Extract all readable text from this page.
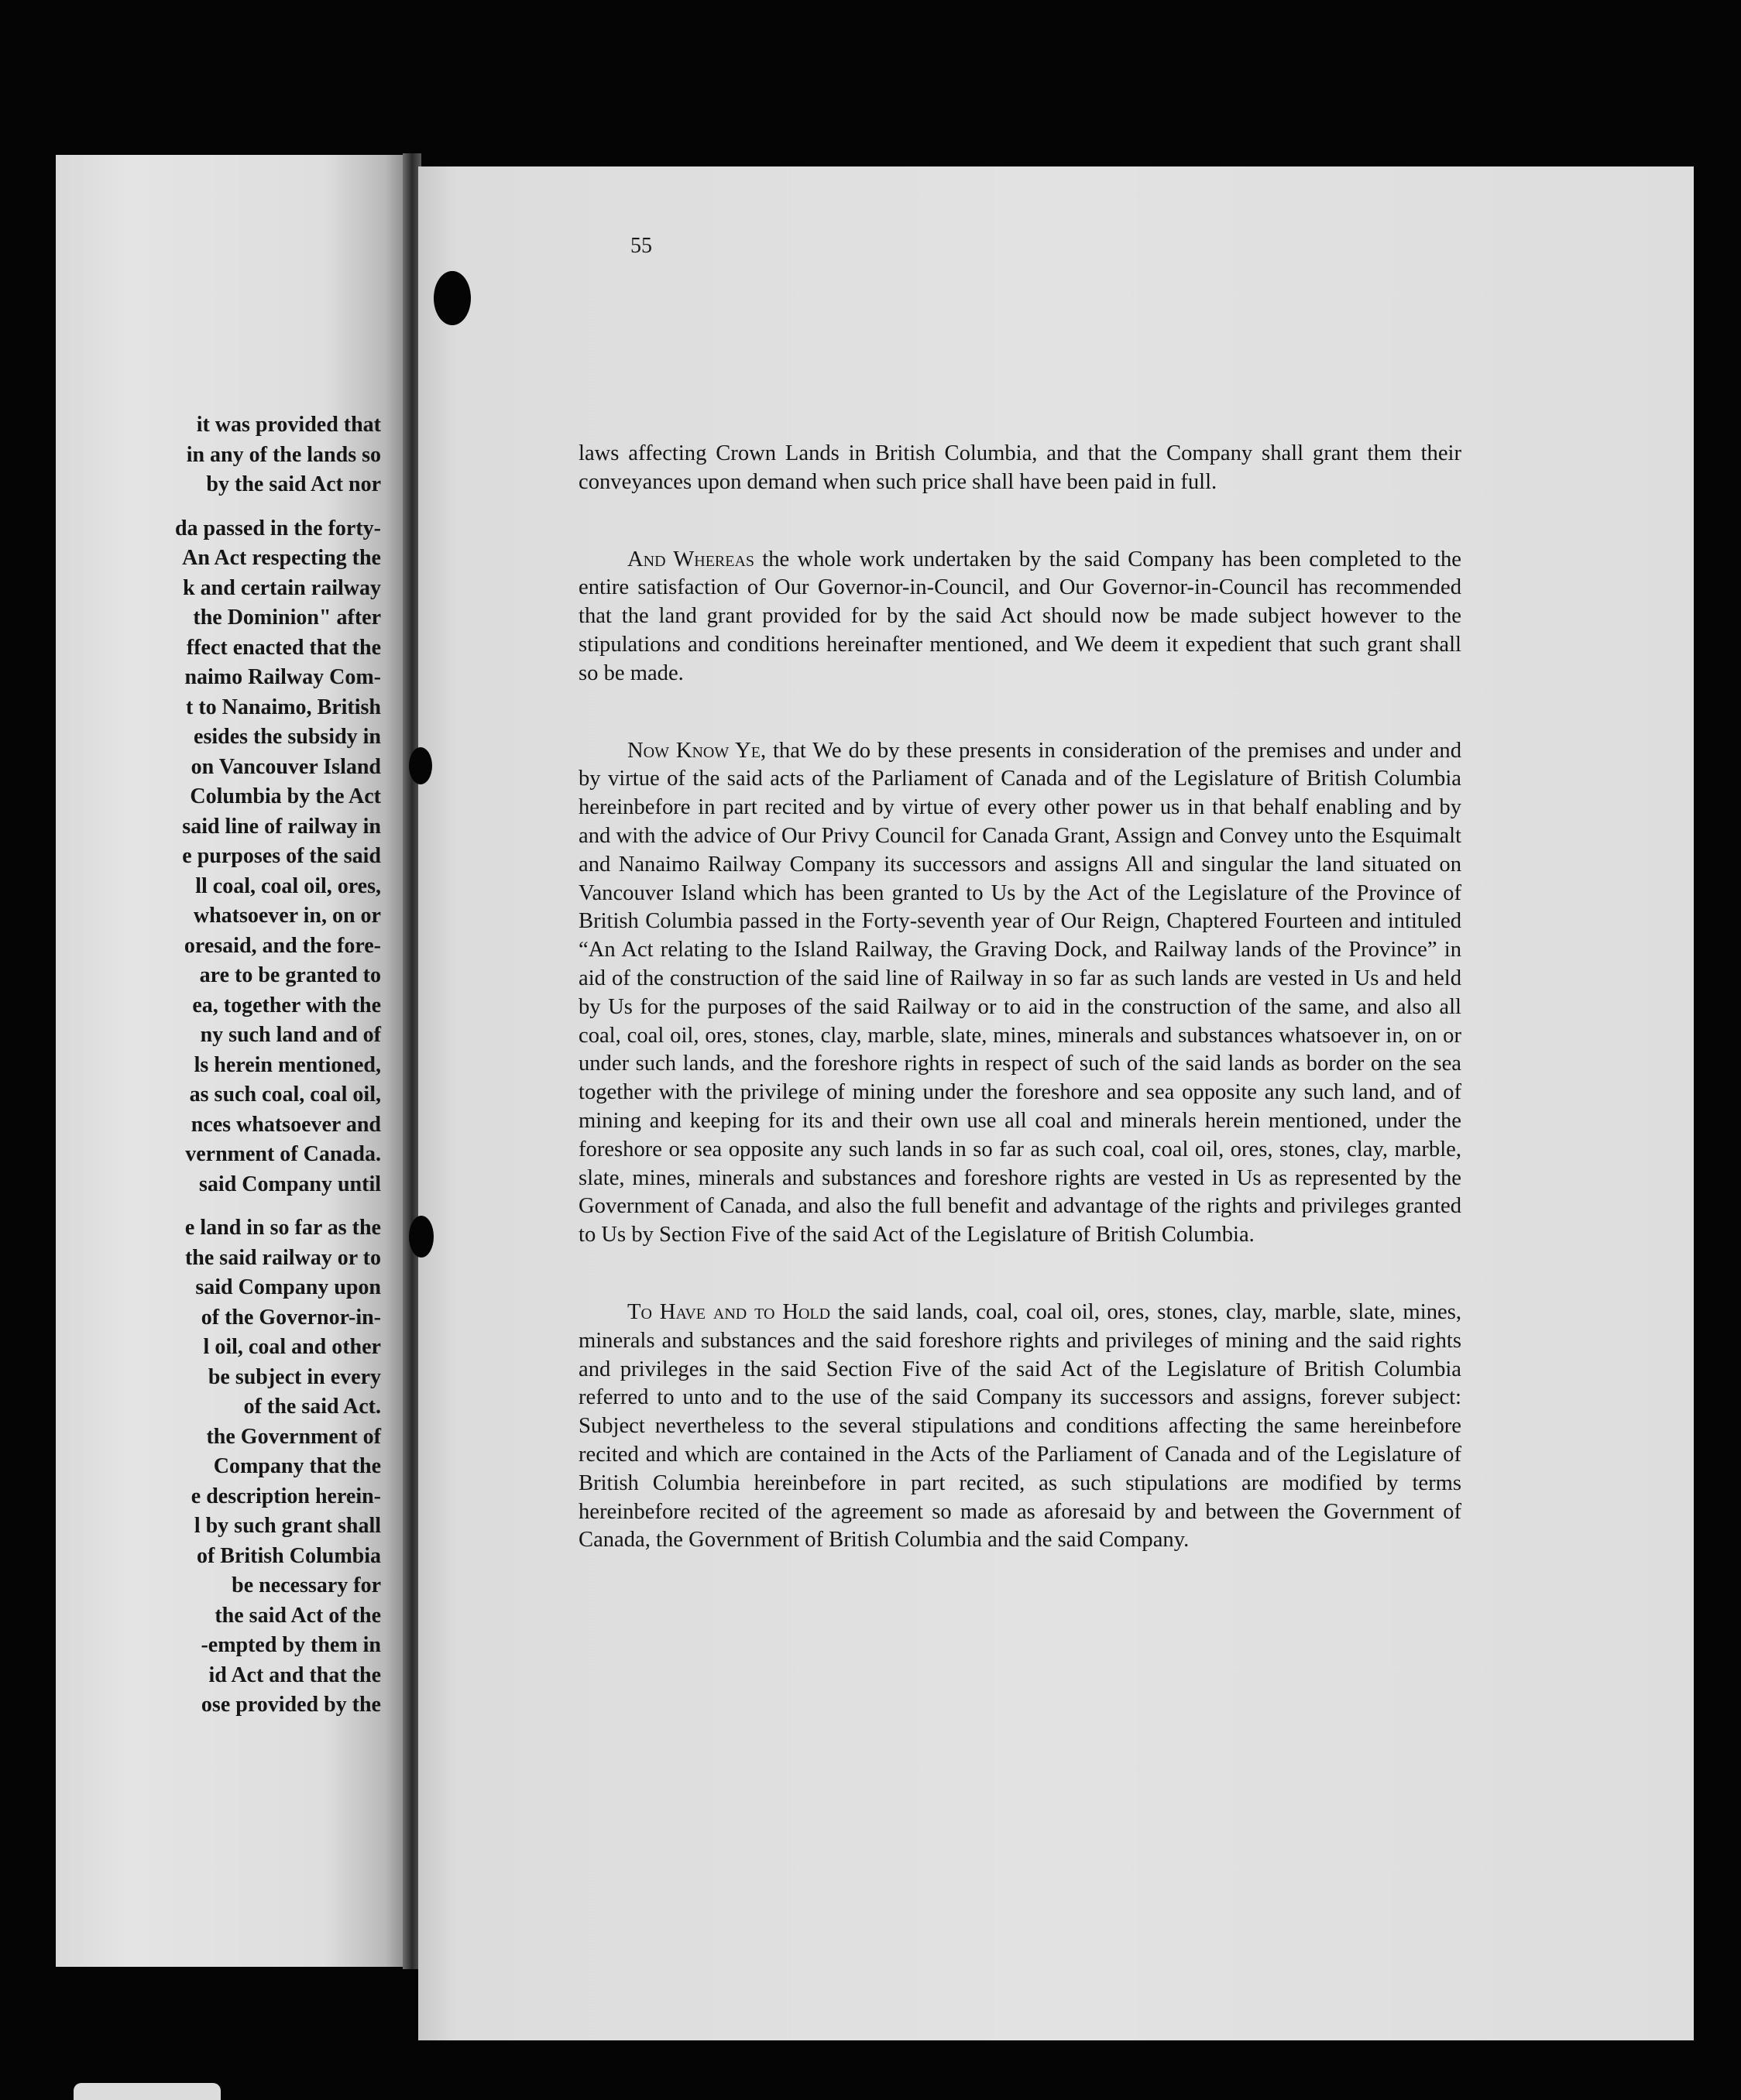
it was provided that
in any of the lands so
by the said Act nor
da passed in the forty-
An Act respecting the
k and certain railway
the Dominion" after
ffect enacted that the
naimo Railway Com-
t to Nanaimo, British
esides the subsidy in
on Vancouver Island
Columbia by the Act
said line of railway in
e purposes of the said
ll coal, coal oil, ores,
whatsoever in, on or
oresaid, and the fore-
are to be granted to
ea, together with the
ny such land and of
ls herein mentioned,
as such coal, coal oil,
nces whatsoever and
vernment of Canada.
said Company until
e land in so far as the
the said railway or to
said Company upon
of the Governor-in-
l oil, coal and other
be subject in every
of the said Act.
the Government of
Company that the
e description herein-
l by such grant shall
of British Columbia
be necessary for
the said Act of the
-empted by them in
id Act and that the
ose provided by the
55

laws affecting Crown Lands in British Columbia, and that the Company shall grant them their conveyances upon demand when such price shall have been paid in full.

And Whereas the whole work undertaken by the said Company has been completed to the entire satisfaction of Our Governor-in-Council, and Our Governor-in-Council has recommended that the land grant provided for by the said Act should now be made subject however to the stipulations and conditions hereinafter mentioned, and We deem it expedient that such grant shall so be made.

Now Know Ye, that We do by these presents in consideration of the premises and under and by virtue of the said acts of the Parliament of Canada and of the Legislature of British Columbia hereinbefore in part recited and by virtue of every other power us in that behalf enabling and by and with the advice of Our Privy Council for Canada Grant, Assign and Convey unto the Esquimalt and Nanaimo Railway Company its successors and assigns All and singular the land situated on Vancouver Island which has been granted to Us by the Act of the Legislature of the Province of British Columbia passed in the Forty-seventh year of Our Reign, Chaptered Fourteen and intituled “An Act relating to the Island Railway, the Graving Dock, and Railway lands of the Province” in aid of the construction of the said line of Railway in so far as such lands are vested in Us and held by Us for the purposes of the said Railway or to aid in the construction of the same, and also all coal, coal oil, ores, stones, clay, marble, slate, mines, minerals and substances whatsoever in, on or under such lands, and the foreshore rights in respect of such of the said lands as border on the sea together with the privilege of mining under the foreshore and sea opposite any such land, and of mining and keeping for its and their own use all coal and minerals herein mentioned, under the foreshore or sea opposite any such lands in so far as such coal, coal oil, ores, stones, clay, marble, slate, mines, minerals and substances and foreshore rights are vested in Us as represented by the Government of Canada, and also the full benefit and advantage of the rights and privileges granted to Us by Section Five of the said Act of the Legislature of British Columbia.

To Have and to Hold the said lands, coal, coal oil, ores, stones, clay, marble, slate, mines, minerals and substances and the said foreshore rights and privileges of mining and the said rights and privileges in the said Section Five of the said Act of the Legislature of British Columbia referred to unto and to the use of the said Company its successors and assigns, forever subject: Subject nevertheless to the several stipulations and conditions affecting the same hereinbefore recited and which are contained in the Acts of the Parliament of Canada and of the Legislature of British Columbia hereinbefore in part recited, as such stipulations are modified by terms hereinbefore recited of the agreement so made as aforesaid by and between the Government of Canada, the Government of British Columbia and the said Company.
